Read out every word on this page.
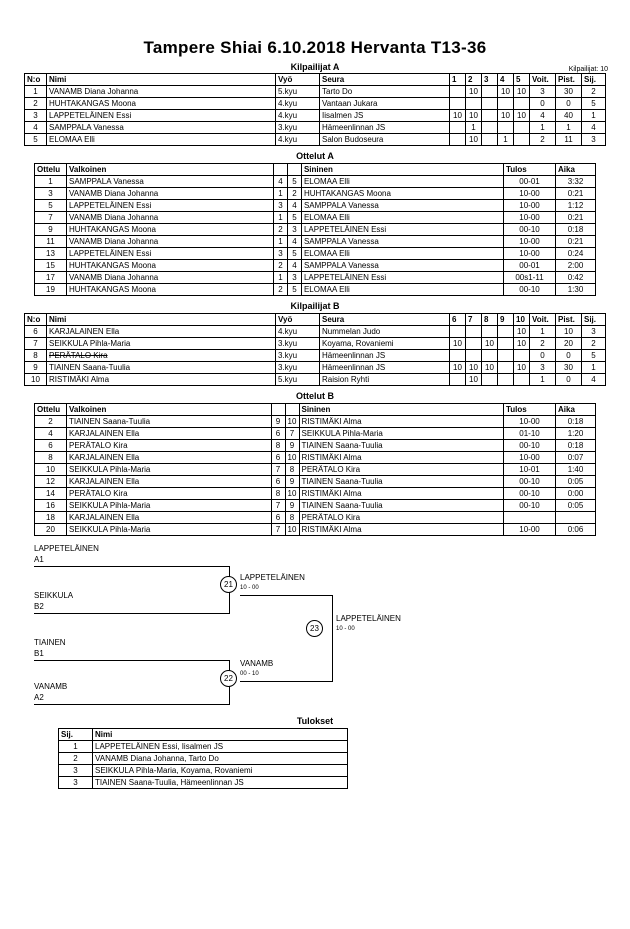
Tampere Shiai 6.10.2018 Hervanta T13-36
Kilpailijat A	Kilpailijat: 10
N:o	Nimi	Vyö	Seura	1	2	3	4	5	Voit.	Pist.	Sij.
1	VANAMB Diana Johanna	5.kyu	Tarto Do		10		10	10	3	30	2
2	HUHTAKANGAS Moona	4.kyu	Vantaan Jukara						0	0	5
3	LAPPETELÄINEN Essi	4.kyu	Iisalmen JS	10	10		10	10	4	40	1
4	SAMPPALA Vanessa	3.kyu	Hämeenlinnan JS		1				1	1	4
5	ELOMAA Elli	4.kyu	Salon Budoseura		10		1		2	11	3
Ottelut A
Ottelu	Valkoinen			Sininen	Tulos	Aika
1	SAMPPALA Vanessa	4	5	ELOMAA Elli	00-01	3:32
3	VANAMB Diana Johanna	1	2	HUHTAKANGAS Moona	10-00	0:21
5	LAPPETELÄINEN Essi	3	4	SAMPPALA Vanessa	10-00	1:12
7	VANAMB Diana Johanna	1	5	ELOMAA Elli	10-00	0:21
9	HUHTAKANGAS Moona	2	3	LAPPETELÄINEN Essi	00-10	0:18
11	VANAMB Diana Johanna	1	4	SAMPPALA Vanessa	10-00	0:21
13	LAPPETELÄINEN Essi	3	5	ELOMAA Elli	10-00	0:24
15	HUHTAKANGAS Moona	2	4	SAMPPALA Vanessa	00-01	2:00
17	VANAMB Diana Johanna	1	3	LAPPETELÄINEN Essi	00s1-11	0:42
19	HUHTAKANGAS Moona	2	5	ELOMAA Elli	00-10	1:30
Kilpailijat B
N:o	Nimi	Vyö	Seura	6	7	8	9	10	Voit.	Pist.	Sij.
6	KARJALAINEN Ella	4.kyu	Nummelan Judo					10	1	10	3
7	SEIKKULA Pihla-Maria	3.kyu	Koyama, Rovaniemi	10		10		10	2	20	2
8	PERÄTALO Kira	3.kyu	Hämeenlinnan JS						0	0	5
9	TIAINEN Saana-Tuulia	3.kyu	Hämeenlinnan JS	10	10	10		10	3	30	1
10	RISTIMÄKI Alma	5.kyu	Raision Ryhti		10				1	0	4
Ottelut B
Ottelu	Valkoinen			Sininen	Tulos	Aika
2	TIAINEN Saana-Tuulia	9	10	RISTIMÄKI Alma	10-00	0:18
4	KARJALAINEN Ella	6	7	SEIKKULA Pihla-Maria	01-10	1:20
6	PERÄTALO Kira	8	9	TIAINEN Saana-Tuulia	00-10	0:18
8	KARJALAINEN Ella	6	10	RISTIMÄKI Alma	10-00	0:07
10	SEIKKULA Pihla-Maria	7	8	PERÄTALO Kira	10-01	1:40
12	KARJALAINEN Ella	6	9	TIAINEN Saana-Tuulia	00-10	0:05
14	PERÄTALO Kira	8	10	RISTIMÄKI Alma	00-10	0:00
16	SEIKKULA Pihla-Maria	7	9	TIAINEN Saana-Tuulia	00-10	0:05
18	KARJALAINEN Ella	6	8	PERÄTALO Kira		
20	SEIKKULA Pihla-Maria	7	10	RISTIMÄKI Alma	10-00	0:06
LAPPETELÄINEN
A1
SEIKKULA
B2
21
LAPPETELÄINEN
10 - 00
TIAINEN
B1
VANAMB
A2
22
VANAMB
00 - 10
23
LAPPETELÄINEN
10 - 00
Tulokset
Sij.	Nimi
1	LAPPETELÄINEN Essi, Iisalmen JS
2	VANAMB Diana Johanna, Tarto Do
3	SEIKKULA Pihla-Maria, Koyama, Rovaniemi
3	TIAINEN Saana-Tuulia, Hämeenlinnan JS
